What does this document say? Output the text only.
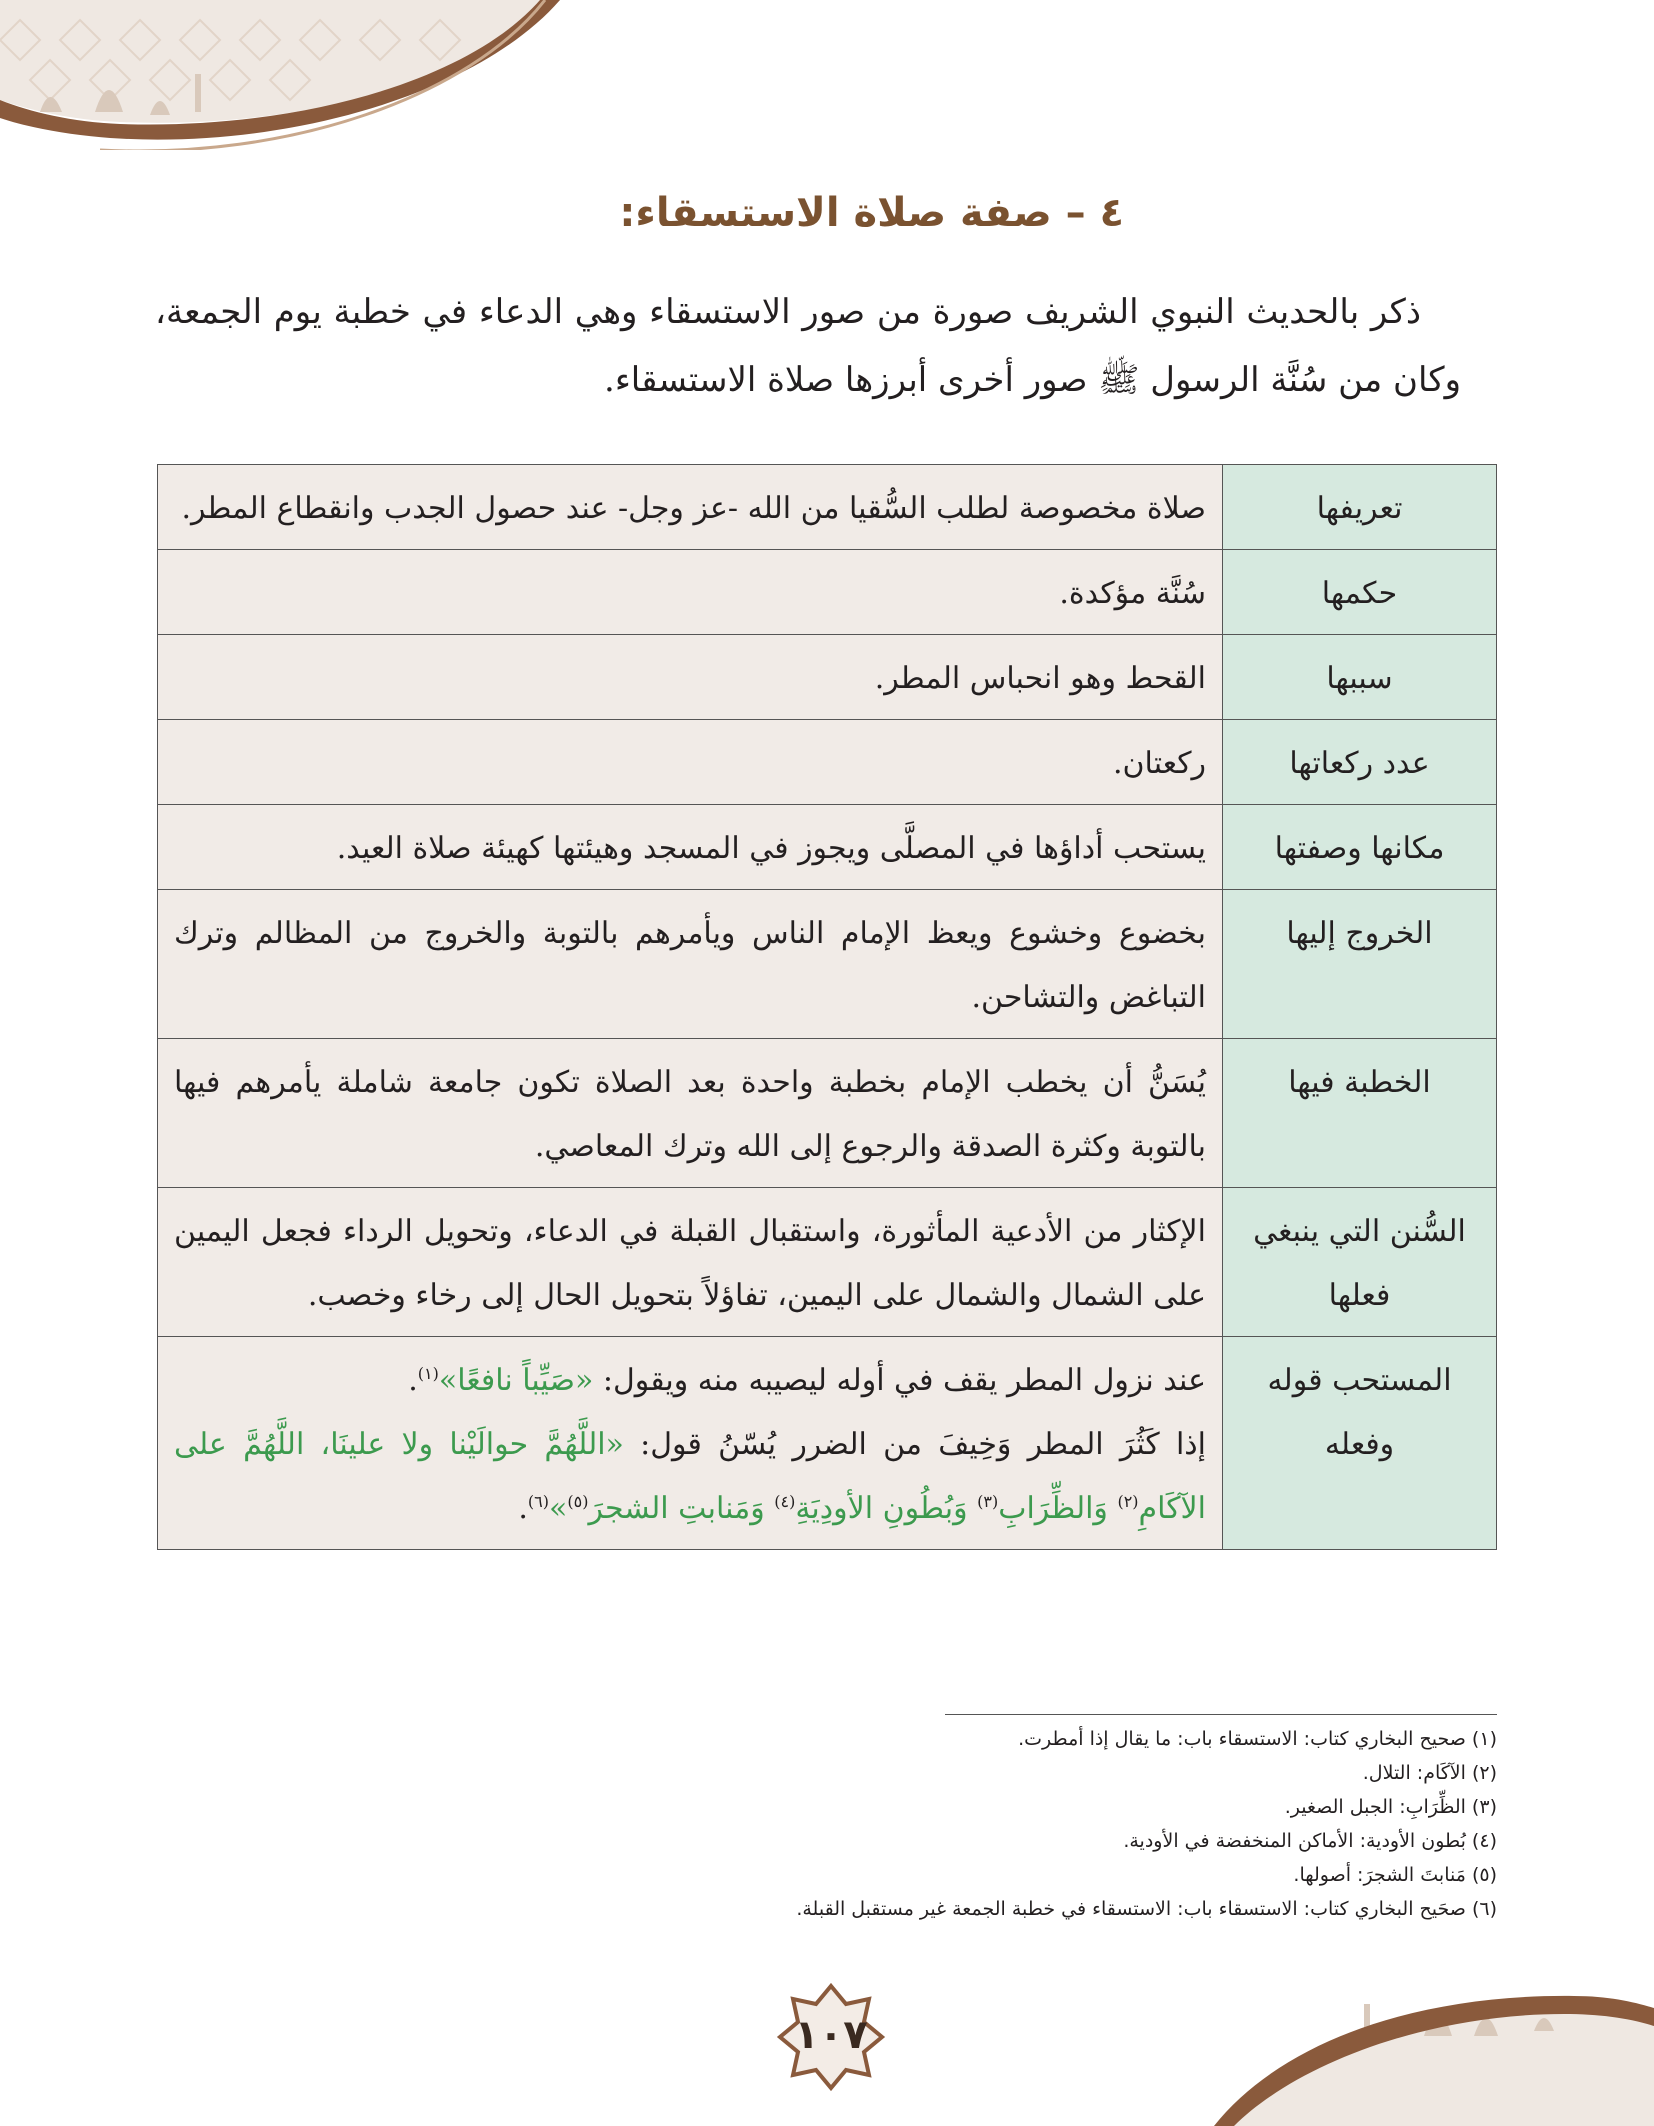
٤ – صفة صلاة الاستسقاء:

ذكر بالحديث النبوي الشريف صورة من صور الاستسقاء وهي الدعاء في خطبة يوم الجمعة، وكان من سُنَّة الرسول ﷺ صور أخرى أبرزها صلاة الاستسقاء.

تعريفها	صلاة مخصوصة لطلب السُّقيا من الله -عز وجل- عند حصول الجدب وانقطاع المطر.
حكمها	سُنَّة مؤكدة.
سببها	القحط وهو انحباس المطر.
عدد ركعاتها	ركعتان.
مكانها وصفتها	يستحب أداؤها في المصلَّى ويجوز في المسجد وهيئتها كهيئة صلاة العيد.
الخروج إليها	بخضوع وخشوع ويعظ الإمام الناس ويأمرهم بالتوبة والخروج من المظالم وترك التباغض والتشاحن.
الخطبة فيها	يُسَنُّ أن يخطب الإمام بخطبة واحدة بعد الصلاة تكون جامعة شاملة يأمرهم فيها بالتوبة وكثرة الصدقة والرجوع إلى الله وترك المعاصي.
السُّنن التي ينبغي فعلها	الإكثار من الأدعية المأثورة، واستقبال القبلة في الدعاء، وتحويل الرداء فجعل اليمين على الشمال والشمال على اليمين، تفاؤلاً بتحويل الحال إلى رخاء وخصب.
المستحب قوله وفعله	عند نزول المطر يقف في أوله ليصيبه منه ويقول: «صَيِّباً نافعًا»$^{(١)}$.
إذا كَثُرَ المطر وَخِيفَ من الضرر يُسّنُ قول: «اللَّهُمَّ حوالَيْنا ولا علينَا، اللَّهُمَّ على الآكَامِ$^{(٢)}$ وَالظِّرَابِ$^{(٣)}$ وَبُطُونِ الأودِيَةِ$^{(٤)}$ وَمَنابتِ الشجرَ$^{(٥)}$»$^{(٦)}$.
(١) صحيح البخاري كتاب: الاستسقاء باب: ما يقال إذا أمطرت.
(٢) الآكَام: التلال.
(٣) الظِّرَابِ: الجبل الصغير.
(٤) بُطون الأودية: الأماكن المنخفضة في الأودية.
(٥) مَنابتَ الشجرَ: أصولها.
(٦) صحَيح البخاري كتاب: الاستسقاء باب: الاستسقاء في خطبة الجمعة غير مستقبل القبلة.
١٠٧
